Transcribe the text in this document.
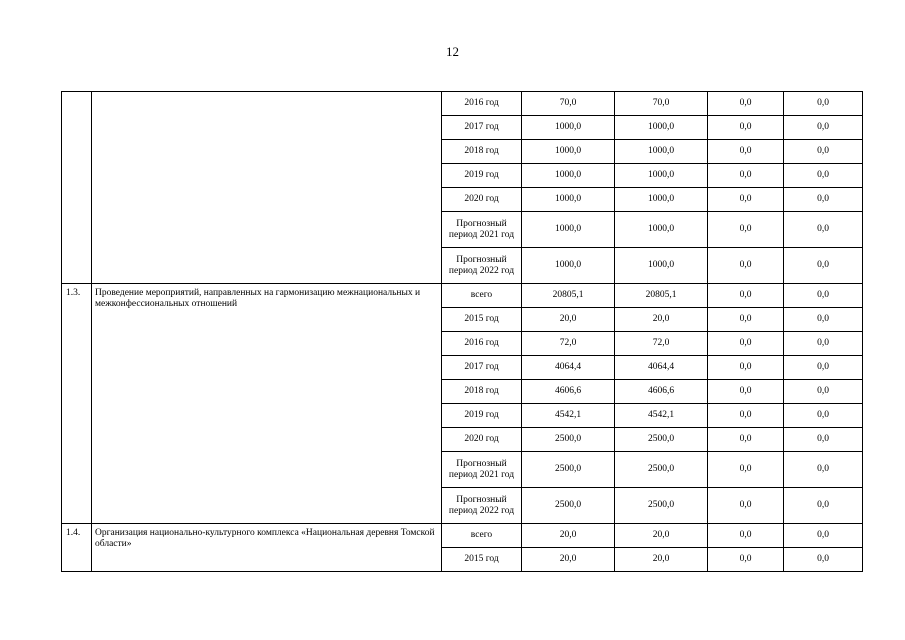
12
		2016 год	70,0	70,0	0,0	0,0
		2017 год	1000,0	1000,0	0,0	0,0
		2018 год	1000,0	1000,0	0,0	0,0
		2019 год	1000,0	1000,0	0,0	0,0
		2020 год	1000,0	1000,0	0,0	0,0
		Прогнозный период 2021 год	1000,0	1000,0	0,0	0,0
		Прогнозный период 2022 год	1000,0	1000,0	0,0	0,0
1.3.	Проведение мероприятий, направленных на гармонизацию межнациональных и межконфессиональных отношений	всего	20805,1	20805,1	0,0	0,0
		2015 год	20,0	20,0	0,0	0,0
		2016 год	72,0	72,0	0,0	0,0
		2017 год	4064,4	4064,4	0,0	0,0
		2018 год	4606,6	4606,6	0,0	0,0
		2019 год	4542,1	4542,1	0,0	0,0
		2020 год	2500,0	2500,0	0,0	0,0
		Прогнозный период 2021 год	2500,0	2500,0	0,0	0,0
		Прогнозный период 2022 год	2500,0	2500,0	0,0	0,0
1.4.	Организация национально-культурного комплекса «Национальная деревня Томской области»	всего	20,0	20,0	0,0	0,0
		2015 год	20,0	20,0	0,0	0,0
